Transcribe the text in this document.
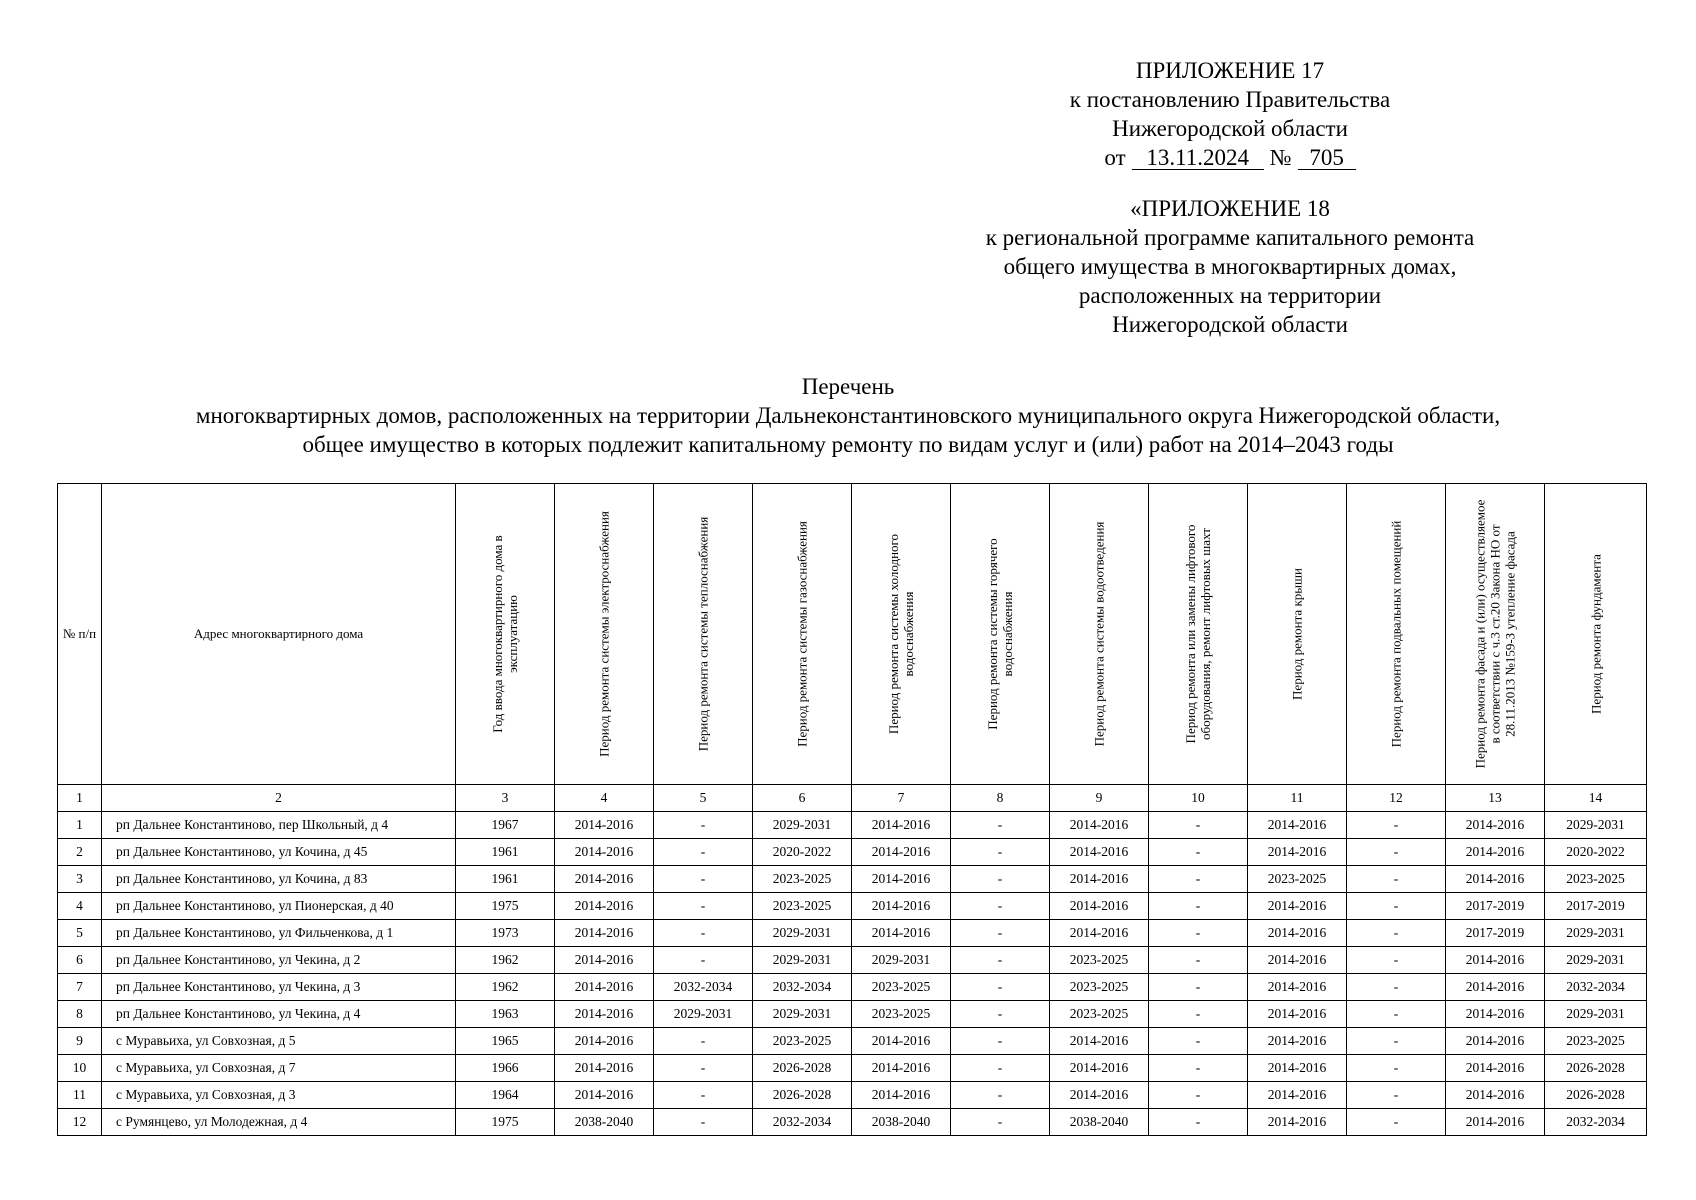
ПРИЛОЖЕНИЕ 17
к постановлению Правительства
Нижегородской области
от 13.11.2024 № 705
«ПРИЛОЖЕНИЕ 18
к региональной программе капитального ремонта
общего имущества в многоквартирных домах,
расположенных на территории
Нижегородской области
Перечень
многоквартирных домов, расположенных на территории Дальнеконстантиновского муниципального округа Нижегородской области,
общее имущество в которых подлежит капитальному ремонту по видам услуг и (или) работ на 2014–2043 годы
№ п/п	Адрес многоквартирного дома	Год ввода многоквартирного дома в эксплуатацию	Период ремонта системы электроснабжения	Период ремонта системы теплоснабжения	Период ремонта системы газоснабжения	Период ремонта системы холодного водоснабжения	Период ремонта системы горячего водоснабжения	Период ремонта системы водоотведения	Период ремонта или замены лифтового оборудования, ремонт лифтовых шахт	Период ремонта крыши	Период ремонта подвальных помещений	Период ремонта фасада и (или) осуществляемое в соответствии с ч.3 ст.20 Закона НО от 28.11.2013 №159-З утепление фасада	Период ремонта фундамента

1	2	3	4	5	6	7	8	9	10	11	12	13	14
1	рп Дальнее Константиново, пер Школьный, д 4	1967	2014-2016	-	2029-2031	2014-2016	-	2014-2016	-	2014-2016	-	2014-2016	2029-2031
2	рп Дальнее Константиново, ул Кочина, д 45	1961	2014-2016	-	2020-2022	2014-2016	-	2014-2016	-	2014-2016	-	2014-2016	2020-2022
3	рп Дальнее Константиново, ул Кочина, д 83	1961	2014-2016	-	2023-2025	2014-2016	-	2014-2016	-	2023-2025	-	2014-2016	2023-2025
4	рп Дальнее Константиново, ул Пионерская, д 40	1975	2014-2016	-	2023-2025	2014-2016	-	2014-2016	-	2014-2016	-	2017-2019	2017-2019
5	рп Дальнее Константиново, ул Фильченкова, д 1	1973	2014-2016	-	2029-2031	2014-2016	-	2014-2016	-	2014-2016	-	2017-2019	2029-2031
6	рп Дальнее Константиново, ул Чекина, д 2	1962	2014-2016	-	2029-2031	2029-2031	-	2023-2025	-	2014-2016	-	2014-2016	2029-2031
7	рп Дальнее Константиново, ул Чекина, д 3	1962	2014-2016	2032-2034	2032-2034	2023-2025	-	2023-2025	-	2014-2016	-	2014-2016	2032-2034
8	рп Дальнее Константиново, ул Чекина, д 4	1963	2014-2016	2029-2031	2029-2031	2023-2025	-	2023-2025	-	2014-2016	-	2014-2016	2029-2031
9	с Муравьиха, ул Совхозная, д 5	1965	2014-2016	-	2023-2025	2014-2016	-	2014-2016	-	2014-2016	-	2014-2016	2023-2025
10	с Муравьиха, ул Совхозная, д 7	1966	2014-2016	-	2026-2028	2014-2016	-	2014-2016	-	2014-2016	-	2014-2016	2026-2028
11	с Муравьиха, ул Совхозная, д 3	1964	2014-2016	-	2026-2028	2014-2016	-	2014-2016	-	2014-2016	-	2014-2016	2026-2028
12	с Румянцево, ул Молодежная, д 4	1975	2038-2040	-	2032-2034	2038-2040	-	2038-2040	-	2014-2016	-	2014-2016	2032-2034
